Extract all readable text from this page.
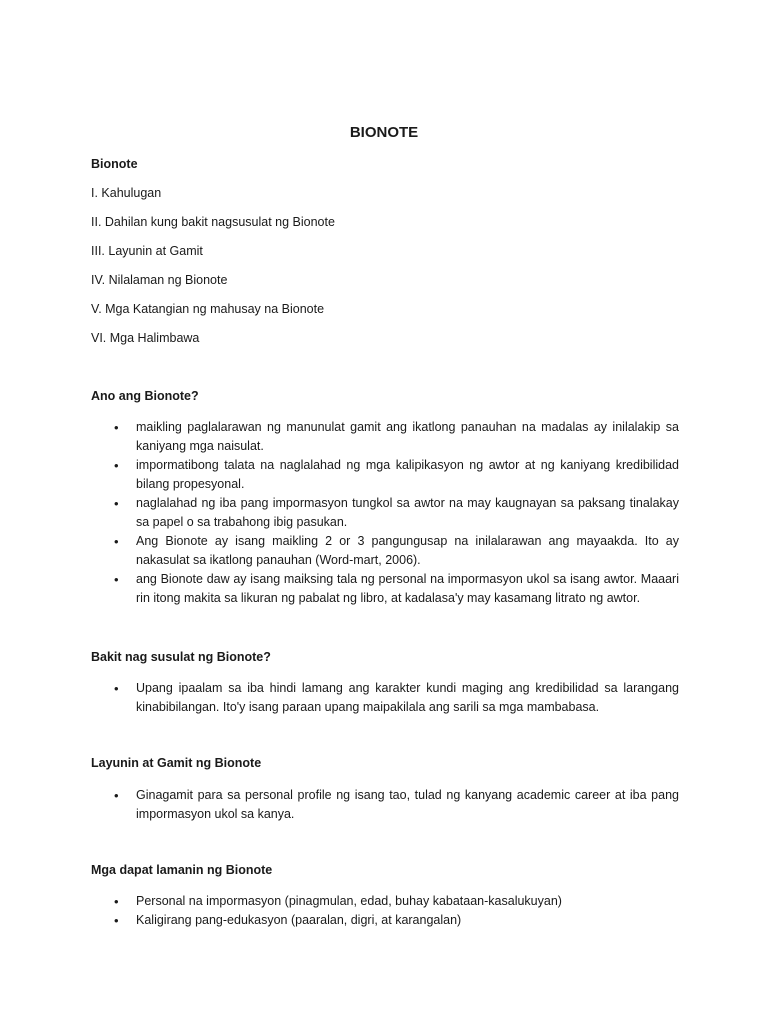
BIONOTE
Bionote
I. Kahulugan
II. Dahilan kung bakit nagsusulat ng Bionote
III. Layunin at Gamit
IV. Nilalaman ng Bionote
V. Mga Katangian ng mahusay na Bionote
VI. Mga Halimbawa
Ano ang Bionote?
• maikling paglalarawan ng manunulat gamit ang ikatlong panauhan na madalas ay inilalakip sa kaniyang mga naisulat.
• impormatibong talata na naglalahad ng mga kalipikasyon ng awtor at ng kaniyang kredibilidad bilang propesyonal.
• naglalahad ng iba pang impormasyon tungkol sa awtor na may kaugnayan sa paksang tinalakay sa papel o sa trabahong ibig pasukan.
• Ang Bionote ay isang maikling 2 or 3 pangungusap na inilalarawan ang mayaakda. Ito ay nakasulat sa ikatlong panauhan (Word-mart, 2006).
• ang Bionote daw ay isang maiksing tala ng personal na impormasyon ukol sa isang awtor. Maaari rin itong makita sa likuran ng pabalat ng libro, at kadalasa'y may kasamang litrato ng awtor.
Bakit nag susulat ng Bionote?
• Upang ipaalam sa iba hindi lamang ang karakter kundi maging ang kredibilidad sa larangang kinabibilangan. Ito'y isang paraan upang maipakilala ang sarili sa mga mambabasa.
Layunin at Gamit ng Bionote
• Ginagamit para sa personal profile ng isang tao, tulad ng kanyang academic career at iba pang impormasyon ukol sa kanya.
Mga dapat lamanin ng Bionote
• Personal na impormasyon (pinagmulan, edad, buhay kabataan-kasalukuyan)
• Kaligirang pang-edukasyon (paaralan, digri, at karangalan)
